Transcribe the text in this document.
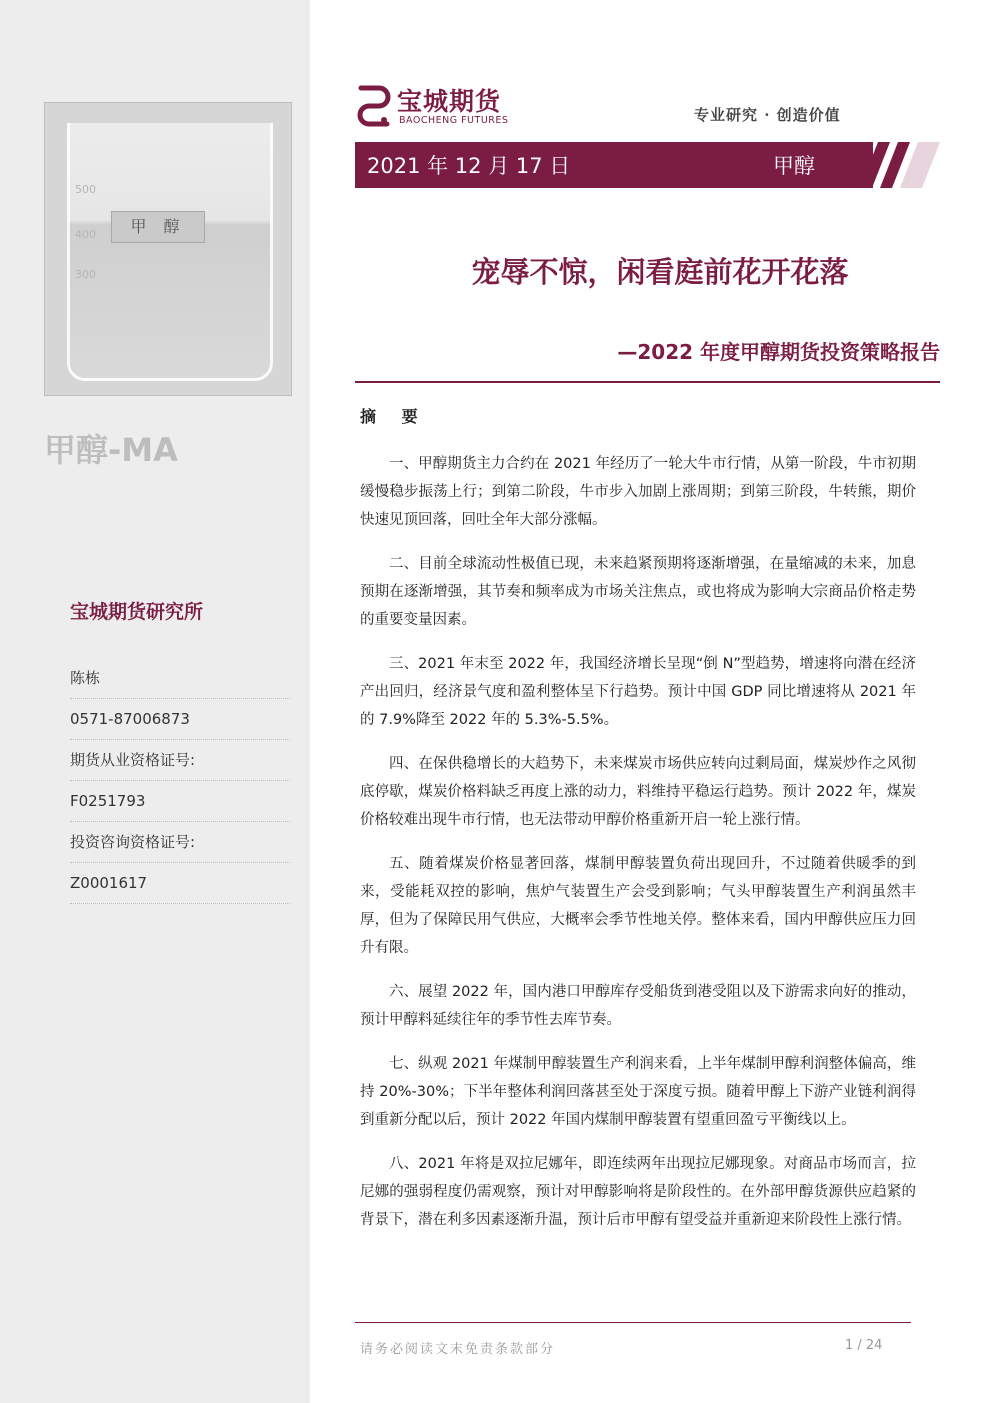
500
400
300
甲 醇
甲醇-MA
宝城期货研究所
陈栋
0571-87006873
期货从业资格证号:
F0251793
投资咨询资格证号:
Z0001617
宝城期货
BAOCHENG FUTURES	专业研究 · 创造价值
2021 年 12 月 17 日	甲醇
宠辱不惊，闲看庭前花开花落
—2022 年度甲醇期货投资策略报告
摘 要

一、甲醇期货主力合约在 2021 年经历了一轮大牛市行情，从第一阶段，牛市初期缓慢稳步振荡上行；到第二阶段，牛市步入加剧上涨周期；到第三阶段，牛转熊，期价快速见顶回落，回吐全年大部分涨幅。

二、目前全球流动性极值已现，未来趋紧预期将逐渐增强，在量缩减的未来，加息预期在逐渐增强，其节奏和频率成为市场关注焦点，或也将成为影响大宗商品价格走势的重要变量因素。

三、2021 年末至 2022 年，我国经济增长呈现“倒 N”型趋势，增速将向潜在经济产出回归，经济景气度和盈利整体呈下行趋势。预计中国 GDP 同比增速将从 2021 年的 7.9%降至 2022 年的 5.3%-5.5%。

四、在保供稳增长的大趋势下，未来煤炭市场供应转向过剩局面，煤炭炒作之风彻底停歇，煤炭价格料缺乏再度上涨的动力，料维持平稳运行趋势。预计 2022 年，煤炭价格较难出现牛市行情，也无法带动甲醇价格重新开启一轮上涨行情。

五、随着煤炭价格显著回落，煤制甲醇装置负荷出现回升，不过随着供暖季的到来，受能耗双控的影响，焦炉气装置生产会受到影响；气头甲醇装置生产利润虽然丰厚，但为了保障民用气供应，大概率会季节性地关停。整体来看，国内甲醇供应压力回升有限。

六、展望 2022 年，国内港口甲醇库存受船货到港受阻以及下游需求向好的推动，预计甲醇料延续往年的季节性去库节奏。

七、纵观 2021 年煤制甲醇装置生产利润来看，上半年煤制甲醇利润整体偏高，维持 20%-30%；下半年整体利润回落甚至处于深度亏损。随着甲醇上下游产业链利润得到重新分配以后，预计 2022 年国内煤制甲醇装置有望重回盈亏平衡线以上。

八、2021 年将是双拉尼娜年，即连续两年出现拉尼娜现象。对商品市场而言，拉尼娜的强弱程度仍需观察，预计对甲醇影响将是阶段性的。在外部甲醇货源供应趋紧的背景下，潜在利多因素逐渐升温，预计后市甲醇有望受益并重新迎来阶段性上涨行情。

请务必阅读文末免责条款部分	1 / 24
